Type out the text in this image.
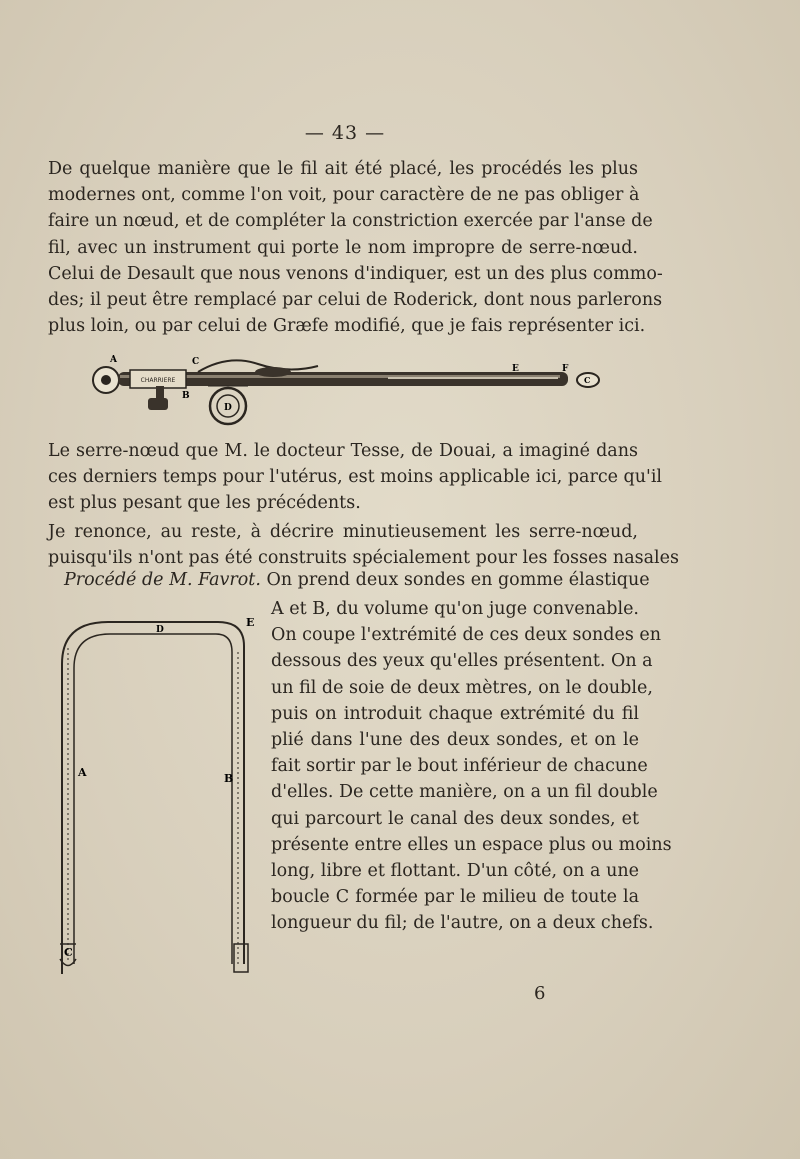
— 43 —
De quelque manière que le fil ait été placé, les procédés les plus
modernes ont, comme l'on voit, pour caractère de ne pas obliger à
faire un nœud, et de compléter la constriction exercée par l'anse de
fil, avec un instrument qui porte le nom impropre de serre-nœud.
Celui de Desault que nous venons d'indiquer, est un des plus commo-
des; il peut être remplacé par celui de Roderick, dont nous parlerons
plus loin, ou par celui de Græfe modifié, que je fais représenter ici.
CHARRIERE
A
B
C
D
E	F
C
Le serre-nœud que M. le docteur Tesse, de Douai, a imaginé dans
ces derniers temps pour l'utérus, est moins applicable ici, parce qu'il
est plus pesant que les précédents.
Je renonce, au reste, à décrire minutieusement les serre-nœud,
puisqu'ils n'ont pas été construits spécialement pour les fosses nasales
Procédé de M. Favrot. On prend deux sondes en gomme élastique
A	B
C
D
E
A et B, du volume qu'on juge convenable.
On coupe l'extrémité de ces deux sondes en
dessous des yeux qu'elles présentent. On a
un fil de soie de deux mètres, on le double,
puis on introduit chaque extrémité du fil
plié dans l'une des deux sondes, et on le
fait sortir par le bout inférieur de chacune
d'elles. De cette manière, on a un fil double
qui parcourt le canal des deux sondes, et
présente entre elles un espace plus ou moins
long, libre et flottant. D'un côté, on a une
boucle C formée par le milieu de toute la
longueur du fil; de l'autre, on a deux chefs.
6
